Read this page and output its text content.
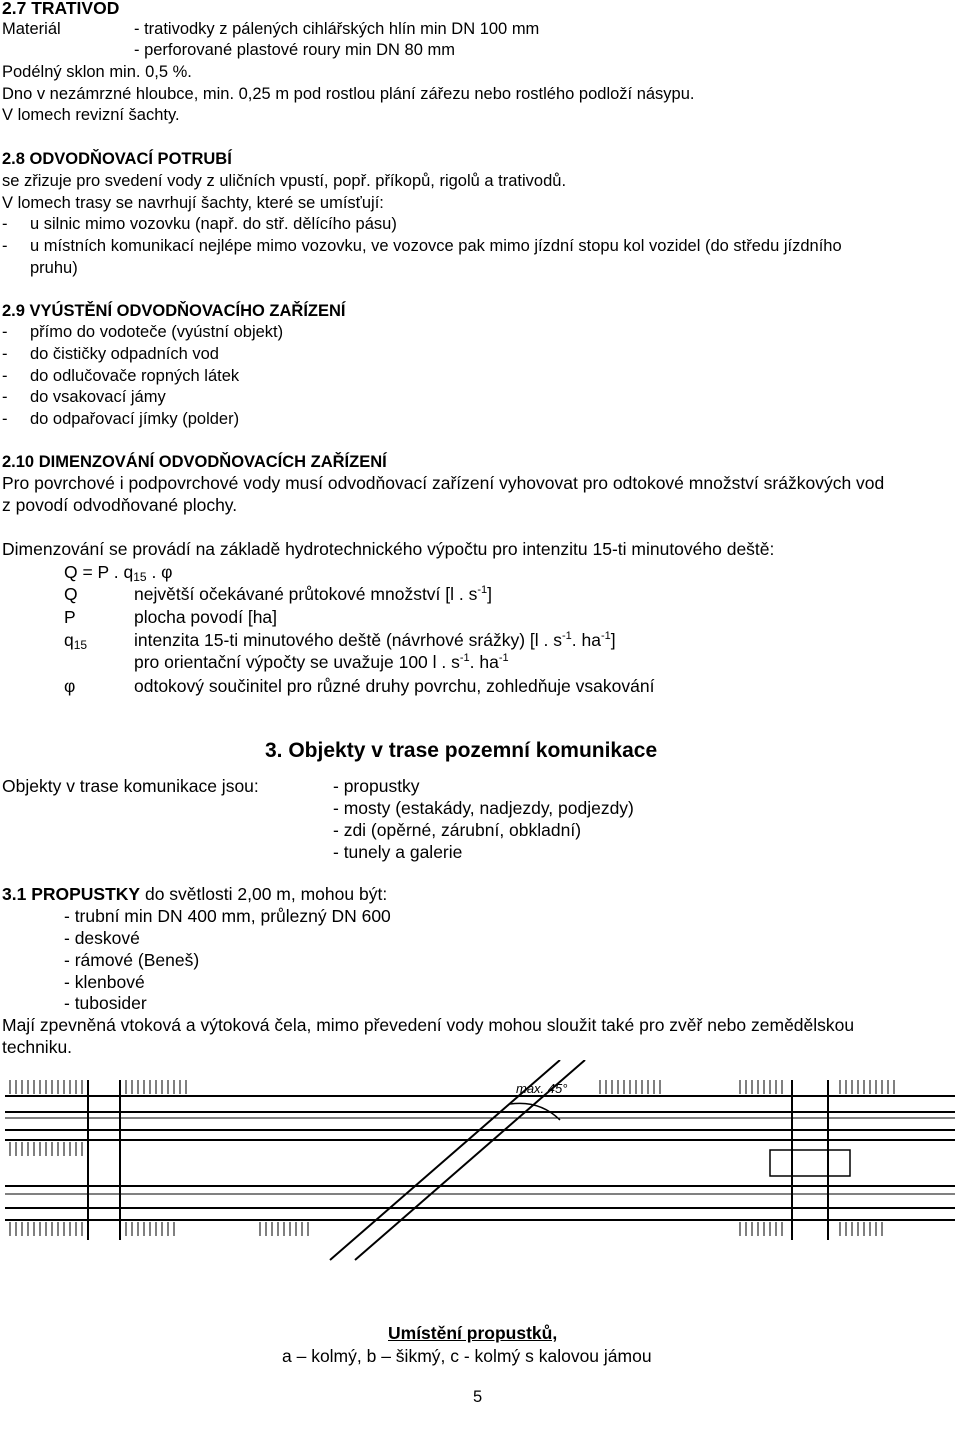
2.7 TRATIVOD
Materiál	- trativodky z pálených cihlářských hlín min DN 100 mm
- perforované plastové roury min DN 80 mm
Podélný sklon min. 0,5 %.
Dno v nezámrzné hloubce, min. 0,25 m pod rostlou plání zářezu nebo rostlého podloží násypu.
V lomech revizní šachty.
2.8 ODVODŇOVACÍ POTRUBÍ
se zřizuje pro svedení vody z uličních vpustí, popř. příkopů, rigolů a trativodů.
V lomech trasy se navrhují šachty, které se umísťují:
- u silnic mimo vozovku (např. do stř. dělícího pásu)
- u místních komunikací nejlépe mimo vozovku, ve vozovce pak mimo jízdní stopu kol vozidel (do středu jízdního
pruhu)
2.9 VYÚSTĚNÍ ODVODŇOVACÍHO ZAŘÍZENÍ
- přímo do vodoteče (vyústní objekt)
- do čističky odpadních vod
- do odlučovače ropných látek
- do vsakovací jámy
- do odpařovací jímky (polder)
2.10 DIMENZOVÁNÍ ODVODŇOVACÍCH ZAŘÍZENÍ
Pro povrchové i podpovrchové vody musí odvodňovací zařízení vyhovovat pro odtokové množství srážkových vod
z povodí odvodňované plochy.
Dimenzování se provádí na základě hydrotechnického výpočtu pro intenzitu 15-ti minutového deště:
Q = P . $q_{15}$ . φ
Q	největší očekávané průtokové množství [l . $s^{-1}$]
P	plocha povodí [ha]
$q_{15}$	intenzita 15-ti minutového deště (návrhové srážky) [l . $s^{-1}$. $ha^{-1}$]
pro orientační výpočty se uvažuje 100 l . $s^{-1}$. $ha^{-1}$
φ	odtokový součinitel pro různé druhy povrchu, zohledňuje vsakování
3. Objekty v trase pozemní komunikace
Objekty v trase komunikace jsou:	- propustky
- mosty (estakády, nadjezdy, podjezdy)
- zdi (opěrné, zárubní, obkladní)
- tunely a galerie
3.1 PROPUSTKY do světlosti 2,00 m, mohou být:
- trubní min DN 400 mm, průlezný DN 600
- deskové
- rámové (Beneš)
- klenbové
- tubosider
Mají zpevněná vtoková a výtoková čela, mimo převedení vody mohou sloužit také pro zvěř nebo zemědělskou
techniku.
max. 45°
Umístění propustků,
a – kolmý, b – šikmý, c - kolmý s kalovou jámou
5
